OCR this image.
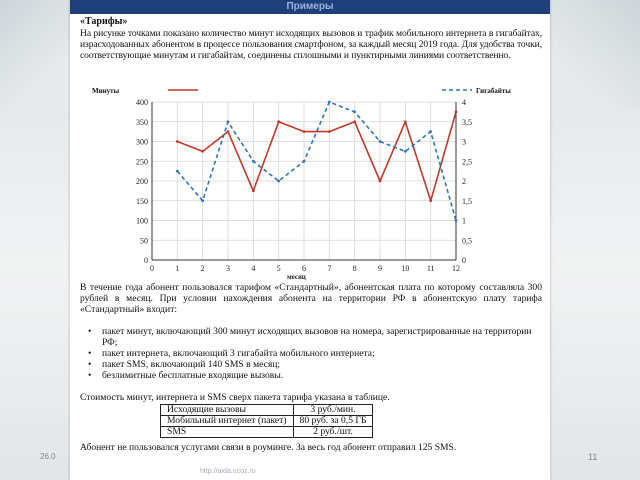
Примеры
«Тарифы»
На рисунке точками показано количество минут исходящих вызовов и трафик мобильного интернета в гигабайтах, израсходованных абонентом в процессе пользования смартфоном, за каждый месяц 2019 года. Для удобства точки, соответствующие минутам и гигабайтам, соединены сплошными и пунктирными линиями соответственно.
Минуты	Гигабайты
0
50
100
150
200
250
300
350
400
0
0,5
1
1,5
2
2,5
3
3,5
4
0	1	2	3	4	5	6	7	8	9 10 11 12
месяц
В течение года абонент пользовался тарифом «Стандартный», абонентская плата по которому составляла 300 рублей в месяц. При условии нахождения абонента на территории РФ в абонентскую плату тарифа «Стандартный» входит:
• пакет минут, включающий 300 минут исходящих вызовов на номера, зарегистрированные на территории РФ;
• пакет интернета, включающий 3 гигабайта мобильного интернета;
• пакет SMS, включающий 140 SMS в месяц;
• безлимитные бесплатные входящие вызовы.
Стоимость минут, интернета и SMS сверх пакета тарифа указана в таблице.
Исходящие вызовы	3 руб./мин.
Мобильный интернет (пакет)	80 руб. за 0,5 ГБ
SMS	2 руб./шт.
Абонент не пользовался услугами связи в роуминге. За весь год абонент отправил 125 SMS.
26.0	11
http://aida.ucoz.ru
